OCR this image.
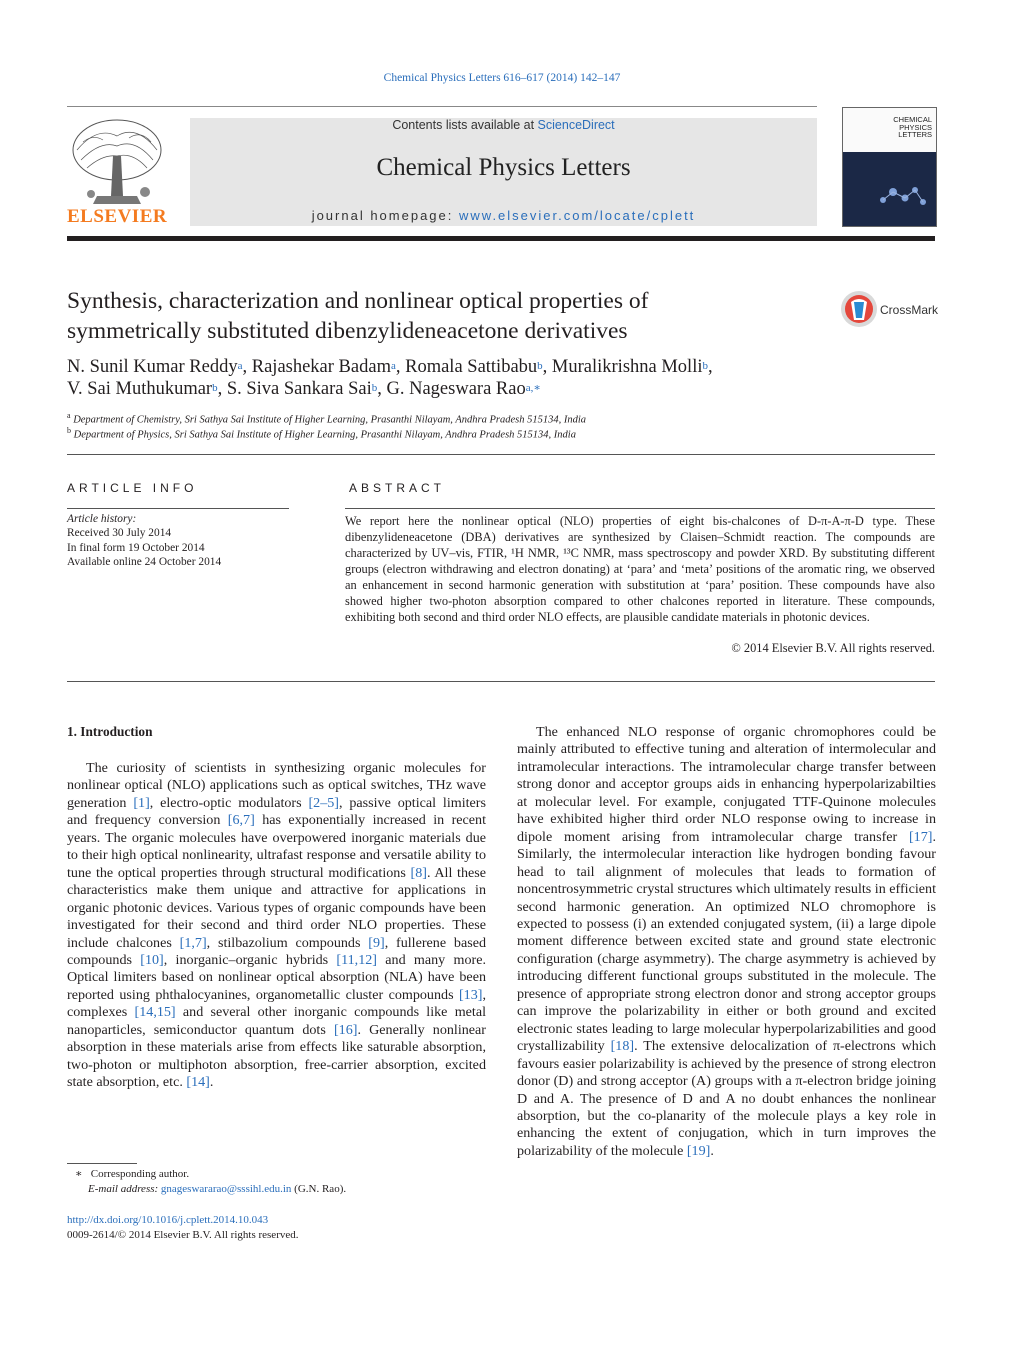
Chemical Physics Letters 616–617 (2014) 142–147
ELSEVIER
Contents lists available at ScienceDirect
Chemical Physics Letters
journal homepage: www.elsevier.com/locate/cplett
CHEMICAL
PHYSICS
LETTERS
Synthesis, characterization and nonlinear optical properties of
symmetrically substituted dibenzylideneacetone derivatives
CrossMark
N. Sunil Kumar Reddy$^a$, Rajashekar Badam$^a$, Romala Sattibabu$^b$, Muralikrishna Molli$^b$,
V. Sai Muthukumar$^b$, S. Siva Sankara Sai$^b$, G. Nageswara Rao$^{a,∗}$
$^a$ Department of Chemistry, Sri Sathya Sai Institute of Higher Learning, Prasanthi Nilayam, Andhra Pradesh 515134, India
$^b$ Department of Physics, Sri Sathya Sai Institute of Higher Learning, Prasanthi Nilayam, Andhra Pradesh 515134, India
ARTICLE INFO
Article history:
Received 30 July 2014
In final form 19 October 2014
Available online 24 October 2014
ABSTRACT
We report here the nonlinear optical (NLO) properties of eight bis-chalcones of D-π-A-π-D type. These dibenzylideneacetone (DBA) derivatives are synthesized by Claisen–Schmidt reaction. The compounds are characterized by UV–vis, FTIR, ¹H NMR, ¹³C NMR, mass spectroscopy and powder XRD. By substituting different groups (electron withdrawing and electron donating) at ‘para’ and ‘meta’ positions of the aromatic ring, we observed an enhancement in second harmonic generation with substitution at ‘para’ position. These compounds have also showed higher two-photon absorption compared to other chalcones reported in literature. These compounds, exhibiting both second and third order NLO effects, are plausible candidate materials in photonic devices.
© 2014 Elsevier B.V. All rights reserved.
1. Introduction

The curiosity of scientists in synthesizing organic molecules for nonlinear optical (NLO) applications such as optical switches, THz wave generation [1], electro-optic modulators [2–5], passive optical limiters and frequency conversion [6,7] has exponentially increased in recent years. The organic molecules have overpowered inorganic materials due to their high optical nonlinearity, ultrafast response and versatile ability to tune the optical properties through structural modifications [8]. All these characteristics make them unique and attractive for applications in organic photonic devices. Various types of organic compounds have been investigated for their second and third order NLO properties. These include chalcones [1,7], stilbazolium compounds [9], fullerene based compounds [10], inorganic–organic hybrids [11,12] and many more. Optical limiters based on nonlinear optical absorption (NLA) have been reported using phthalocyanines, organometallic cluster compounds [13], complexes [14,15] and several other inorganic compounds like metal nanoparticles, semiconductor quantum dots [16]. Generally nonlinear absorption in these materials arise from effects like saturable absorption, two-photon or multiphoton absorption, free-carrier absorption, excited state absorption, etc. [14].

The enhanced NLO response of organic chromophores could be mainly attributed to effective tuning and alteration of intermolecular and intramolecular interactions. The intramolecular charge transfer between strong donor and acceptor groups aids in enhancing hyperpolarizabilties at molecular level. For example, conjugated TTF-Quinone molecules have exhibited higher third order NLO response owing to increase in dipole moment arising from intramolecular charge transfer [17]. Similarly, the intermolecular interaction like hydrogen bonding favour head to tail alignment of molecules that leads to formation of noncentrosymmetric crystal structures which ultimately results in efficient second harmonic generation. An optimized NLO chromophore is expected to possess (i) an extended conjugated system, (ii) a large dipole moment difference between excited state and ground state electronic configuration (charge asymmetry). The charge asymmetry is achieved by introducing different functional groups substituted in the molecule. The presence of appropriate strong electron donor and strong acceptor groups can improve the polarizability in either or both ground and excited electronic states leading to large molecular hyperpolarizabilities and good crystallizability [18]. The extensive delocalization of π-electrons which favours easier polarizability is achieved by the presence of strong electron donor (D) and strong acceptor (A) groups with a π-electron bridge joining D and A. The presence of D and A no doubt enhances the nonlinear absorption, but the co-planarity of the molecule plays a key role in enhancing the extent of conjugation, which in turn improves the polarizability of the molecule [19].

∗ Corresponding author.
E-mail address: gnageswararao@sssihl.edu.in (G.N. Rao).
http://dx.doi.org/10.1016/j.cplett.2014.10.043
0009-2614/© 2014 Elsevier B.V. All rights reserved.
